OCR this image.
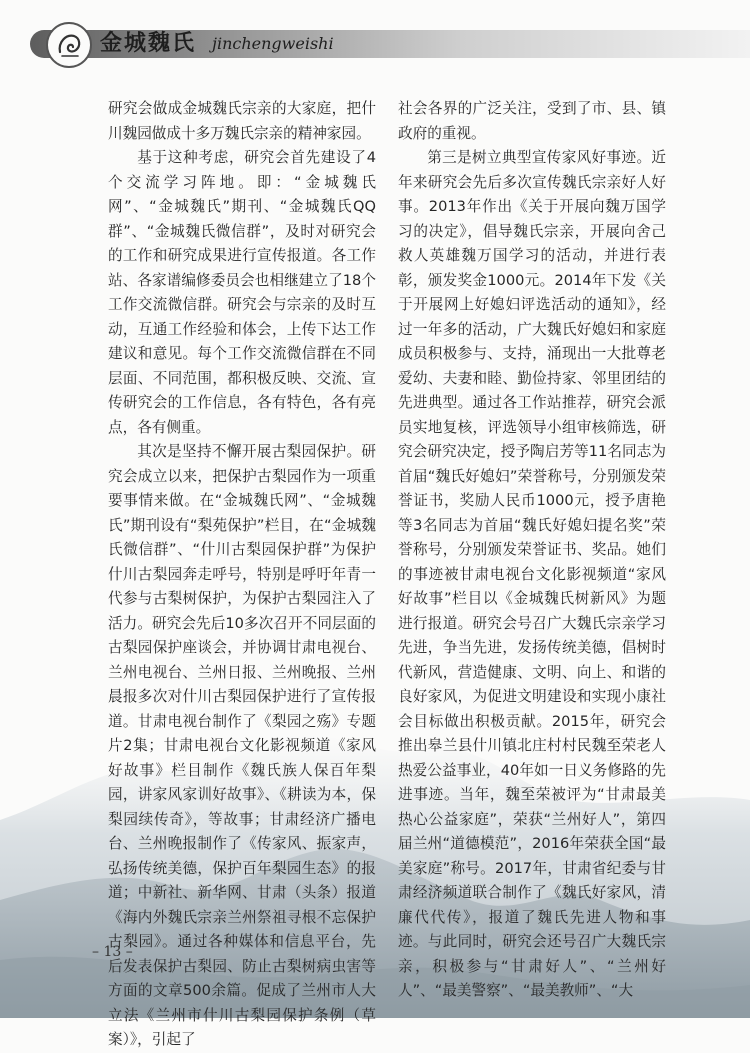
金城魏氏 jinchengweishi

研究会做成金城魏氏宗亲的大家庭，把什川魏园做成十多万魏氏宗亲的精神家园。

基于这种考虑，研究会首先建设了4个交流学习阵地。即：“金城魏氏网”、“金城魏氏”期刊、“金城魏氏QQ群”、“金城魏氏微信群”，及时对研究会的工作和研究成果进行宣传报道。各工作站、各家谱编修委员会也相继建立了18个工作交流微信群。研究会与宗亲的及时互动，互通工作经验和体会，上传下达工作建议和意见。每个工作交流微信群在不同层面、不同范围，都积极反映、交流、宣传研究会的工作信息，各有特色，各有亮点，各有侧重。

其次是坚持不懈开展古梨园保护。研究会成立以来，把保护古梨园作为一项重要事情来做。在“金城魏氏网”、“金城魏氏”期刊设有“梨苑保护”栏目，在“金城魏氏微信群”、“什川古梨园保护群”为保护什川古梨园奔走呼号，特别是呼吁年青一代参与古梨树保护，为保护古梨园注入了活力。研究会先后10多次召开不同层面的古梨园保护座谈会，并协调甘肃电视台、兰州电视台、兰州日报、兰州晚报、兰州晨报多次对什川古梨园保护进行了宣传报道。甘肃电视台制作了《梨园之殇》专题片2集；甘肃电视台文化影视频道《家风好故事》栏目制作《魏氏族人保百年梨园，讲家风家训好故事》、《耕读为本，保梨园续传奇》，等故事；甘肃经济广播电台、兰州晚报制作了《传家风、振家声，弘扬传统美德，保护百年梨园生态》的报道；中新社、新华网、甘肃（头条）报道《海内外魏氏宗亲兰州祭祖寻根不忘保护古梨园》。通过各种媒体和信息平台，先后发表保护古梨园、防止古梨树病虫害等方面的文章500余篇。促成了兰州市人大立法《兰州市什川古梨园保护条例（草案）》，引起了

社会各界的广泛关注，受到了市、县、镇政府的重视。

第三是树立典型宣传家风好事迹。近年来研究会先后多次宣传魏氏宗亲好人好事。2013年作出《关于开展向魏万国学习的决定》，倡导魏氏宗亲，开展向舍己救人英雄魏万国学习的活动，并进行表彰，颁发奖金1000元。2014年下发《关于开展网上好媳妇评选活动的通知》，经过一年多的活动，广大魏氏好媳妇和家庭成员积极参与、支持，涌现出一大批尊老爱幼、夫妻和睦、勤俭持家、邻里团结的先进典型。通过各工作站推荐，研究会派员实地复核，评选领导小组审核筛选，研究会研究决定，授予陶启芳等11名同志为首届“魏氏好媳妇”荣誉称号，分别颁发荣誉证书，奖励人民币1000元，授予唐艳等3名同志为首届“魏氏好媳妇提名奖”荣誉称号，分别颁发荣誉证书、奖品。她们的事迹被甘肃电视台文化影视频道“家风好故事”栏目以《金城魏氏树新风》为题进行报道。研究会号召广大魏氏宗亲学习先进，争当先进，发扬传统美德，倡树时代新风，营造健康、文明、向上、和谐的良好家风，为促进文明建设和实现小康社会目标做出积极贡献。2015年，研究会推出皋兰县什川镇北庄村村民魏至荣老人热爱公益事业，40年如一日义务修路的先进事迹。当年，魏至荣被评为“甘肃最美热心公益家庭”，荣获“兰州好人”，第四届兰州“道德模范”，2016年荣获全国“最美家庭”称号。2017年，甘肃省纪委与甘肃经济频道联合制作了《魏氏好家风，清廉代代传》，报道了魏氏先进人物和事迹。与此同时，研究会还号召广大魏氏宗亲，积极参与“甘肃好人”、“兰州好人”、“最美警察”、“最美教师”、“大

– 13 –
